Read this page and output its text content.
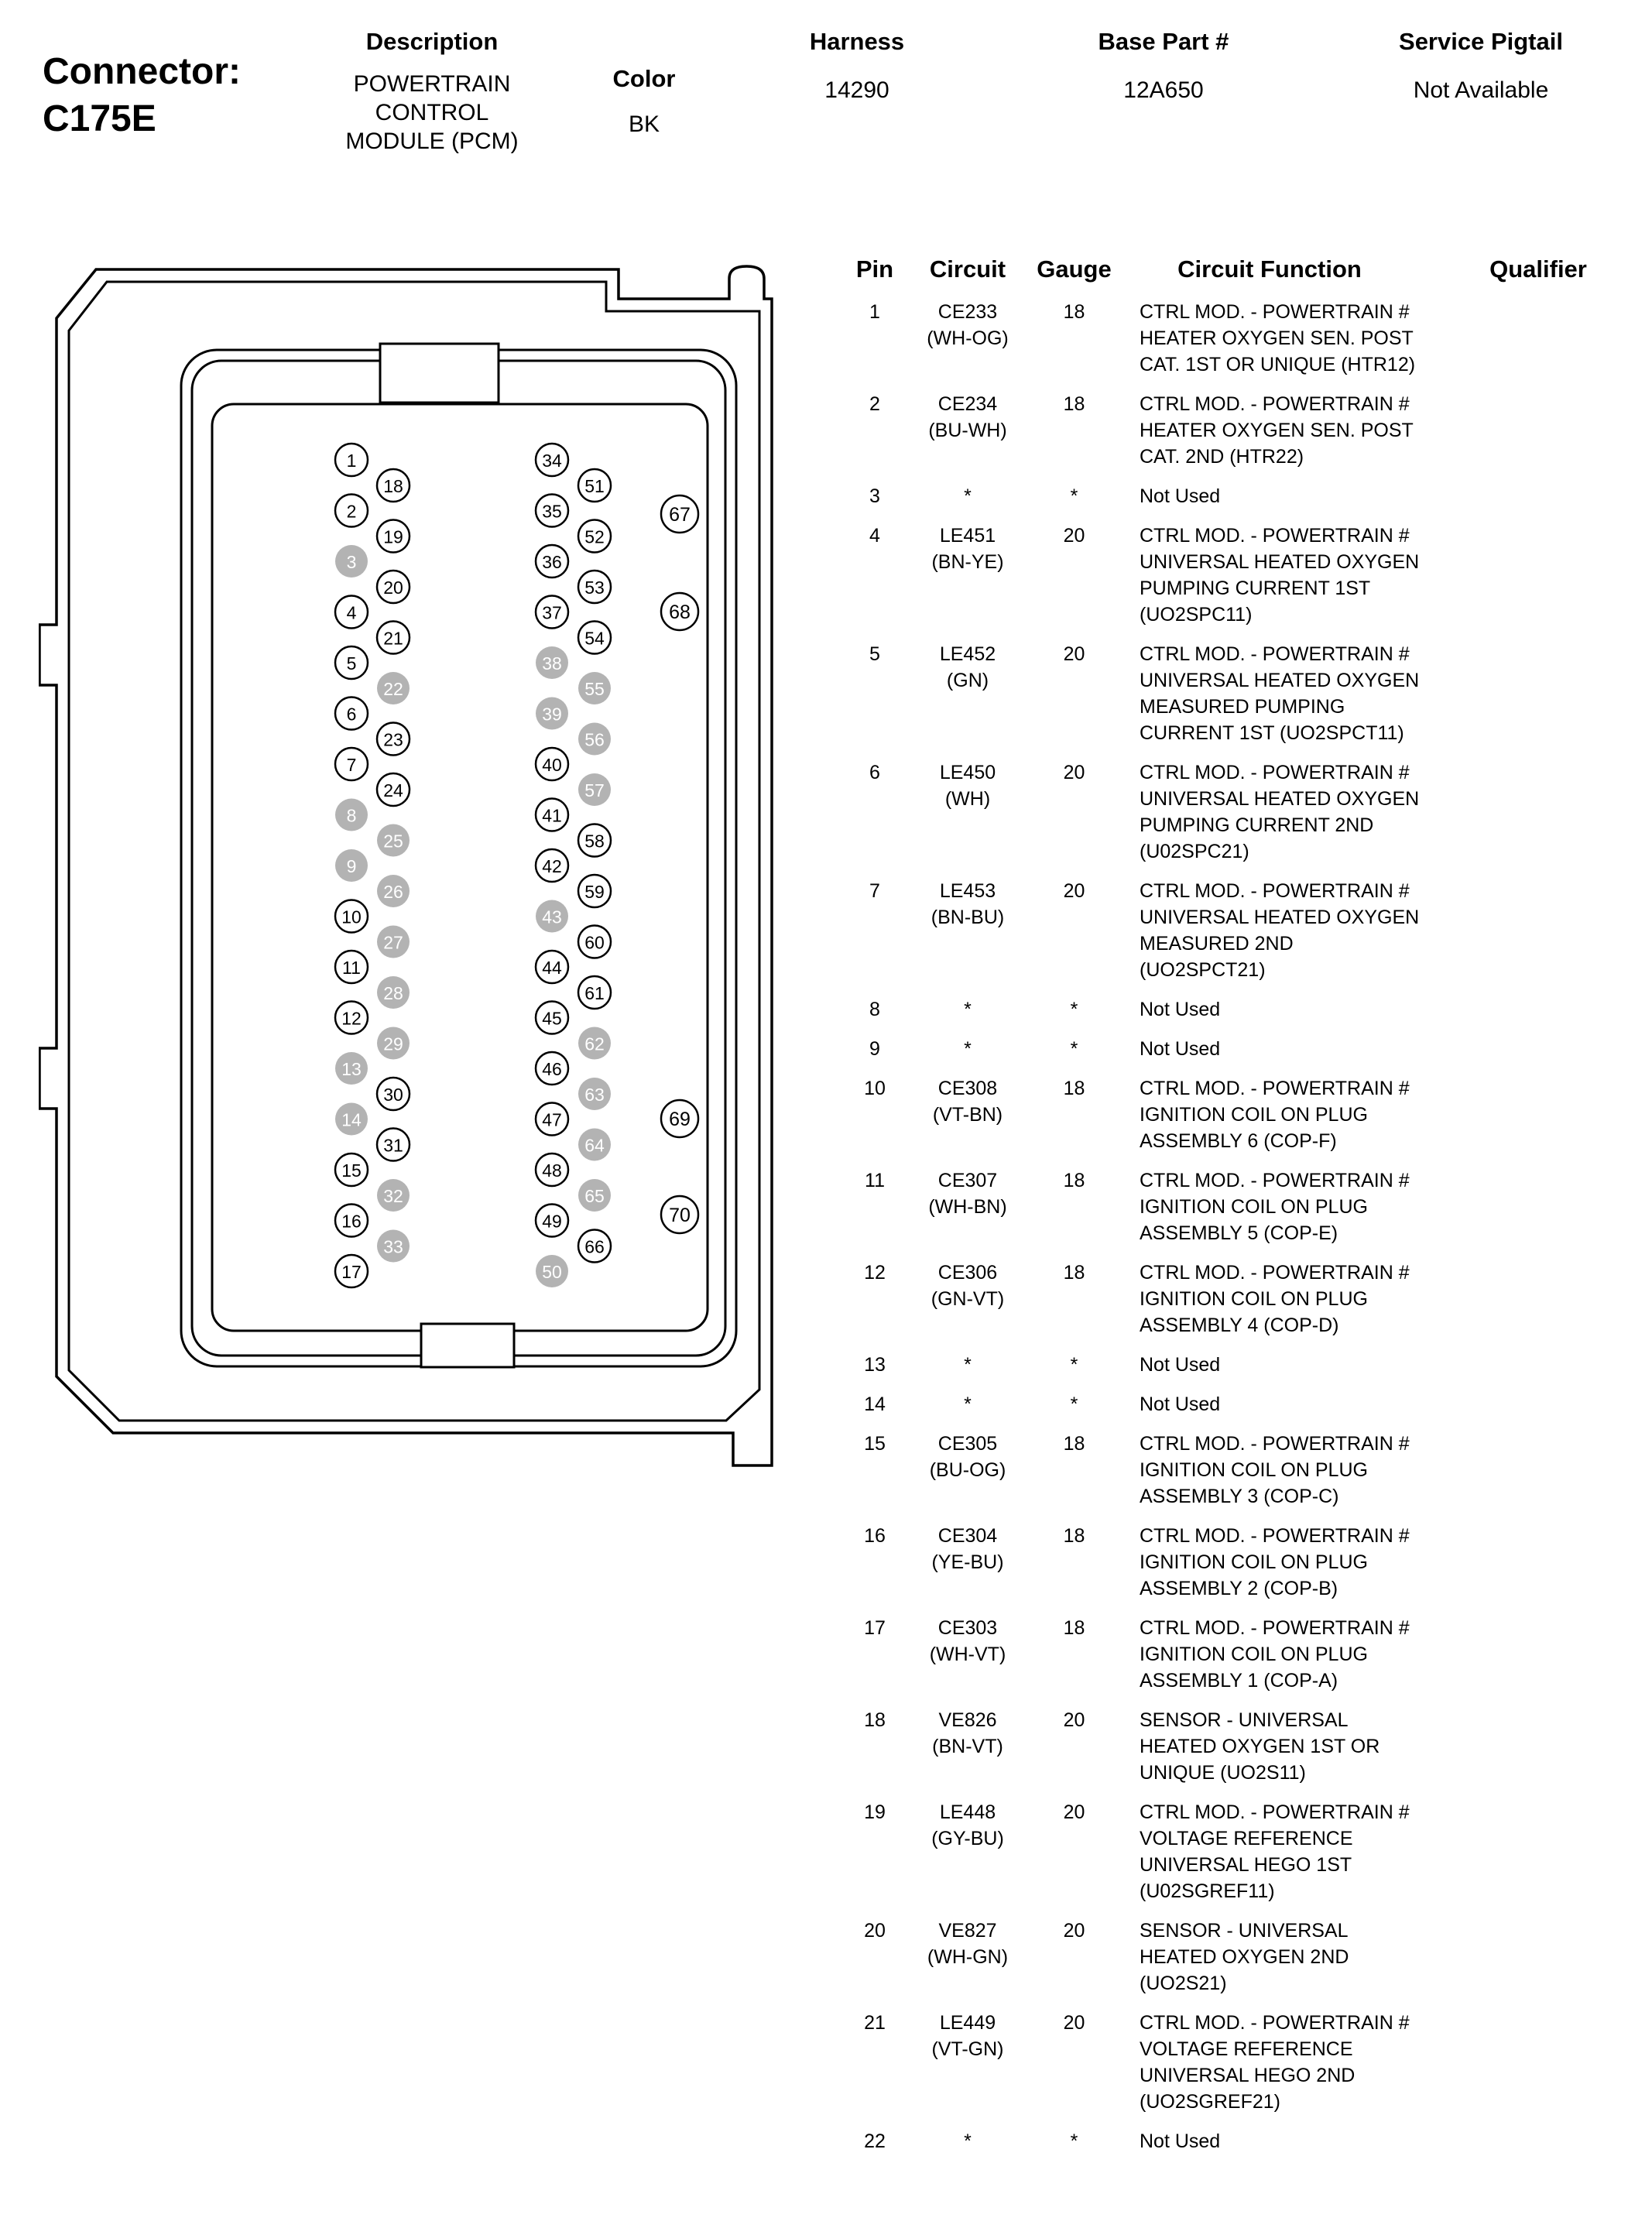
Connector:
C175E
Description
POWERTRAIN
CONTROL
MODULE (PCM)
Color
BK
Harness
14290
Base Part #
12A650
Service Pigtail
Not Available
1
2
3
4
5
6
7
8
9
10
11
12
13
14
15
16
17
18
19
20
21
22
23
24
25
26
27
28
29
30
31
32
33
34
35
36
37
38
39
40
41
42
43
44
45
46
47
48
49
50
51
52
53
54
55
56
57
58
59
60
61
62
63
64
65
66
67
68
69
70
Pin	Circuit	Gauge	Circuit Function	Qualifier
1	CE233
(WH-OG)
18	CTRL MOD. - POWERTRAIN # HEATER OXYGEN SEN. POST CAT. 1ST OR UNIQUE (HTR12)
2	CE234
(BU-WH)
18	CTRL MOD. - POWERTRAIN # HEATER OXYGEN SEN. POST CAT. 2ND (HTR22)
3	*	*	Not Used
4	LE451
(BN-YE)
20	CTRL MOD. - POWERTRAIN # UNIVERSAL HEATED OXYGEN PUMPING CURRENT 1ST (UO2SPC11)
5	LE452
(GN)
20	CTRL MOD. - POWERTRAIN # UNIVERSAL HEATED OXYGEN MEASURED PUMPING CURRENT 1ST (UO2SPCT11)
6	LE450
(WH)
20	CTRL MOD. - POWERTRAIN # UNIVERSAL HEATED OXYGEN PUMPING CURRENT 2ND (U02SPC21)
7	LE453
(BN-BU)
20	CTRL MOD. - POWERTRAIN # UNIVERSAL HEATED OXYGEN MEASURED 2ND (UO2SPCT21)
8	*	*	Not Used
9	*	*	Not Used
10	CE308
(VT-BN)
18	CTRL MOD. - POWERTRAIN # IGNITION COIL ON PLUG ASSEMBLY 6 (COP-F)
11	CE307
(WH-BN)
18	CTRL MOD. - POWERTRAIN # IGNITION COIL ON PLUG ASSEMBLY 5 (COP-E)
12	CE306
(GN-VT)
18	CTRL MOD. - POWERTRAIN # IGNITION COIL ON PLUG ASSEMBLY 4 (COP-D)
13	*	*	Not Used
14	*	*	Not Used
15	CE305
(BU-OG)
18	CTRL MOD. - POWERTRAIN # IGNITION COIL ON PLUG ASSEMBLY 3 (COP-C)
16	CE304
(YE-BU)
18	CTRL MOD. - POWERTRAIN # IGNITION COIL ON PLUG ASSEMBLY 2 (COP-B)
17	CE303
(WH-VT)
18	CTRL MOD. - POWERTRAIN # IGNITION COIL ON PLUG ASSEMBLY 1 (COP-A)
18	VE826
(BN-VT)
20	SENSOR - UNIVERSAL HEATED OXYGEN 1ST OR UNIQUE (UO2S11)
19	LE448
(GY-BU)
20	CTRL MOD. - POWERTRAIN # VOLTAGE REFERENCE UNIVERSAL HEGO 1ST (U02SGREF11)
20	VE827
(WH-GN)
20	SENSOR - UNIVERSAL HEATED OXYGEN 2ND (UO2S21)
21	LE449
(VT-GN)
20	CTRL MOD. - POWERTRAIN # VOLTAGE REFERENCE UNIVERSAL HEGO 2ND (UO2SGREF21)
22	*	*	Not Used
